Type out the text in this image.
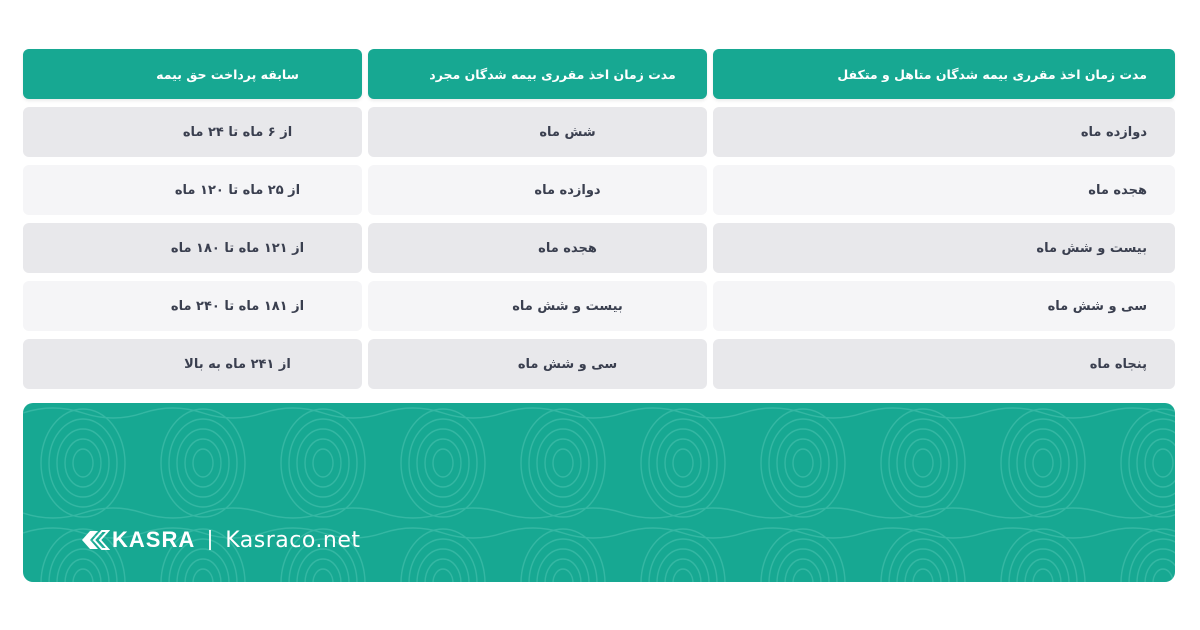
مدت زمان اخذ مقرری بیمه شدگان متاهل و متکفل
مدت زمان اخذ مقرری بیمه شدگان مجرد
سابقه پرداخت حق بیمه
دوازده ماه
شش ماه
از ۶ ماه تا ۲۴ ماه
هجده ماه
دوازده ماه
از ۲۵ ماه تا ۱۲۰ ماه
بیست و شش ماه
هجده ماه
از ۱۲۱ ماه تا ۱۸۰ ماه
سی و شش ماه
بیست و شش ماه
از ۱۸۱ ماه تا ۲۴۰ ماه
پنجاه ماه
سی و شش ماه
از ۲۴۱ ماه به بالا
KASRA Kasraco.net
